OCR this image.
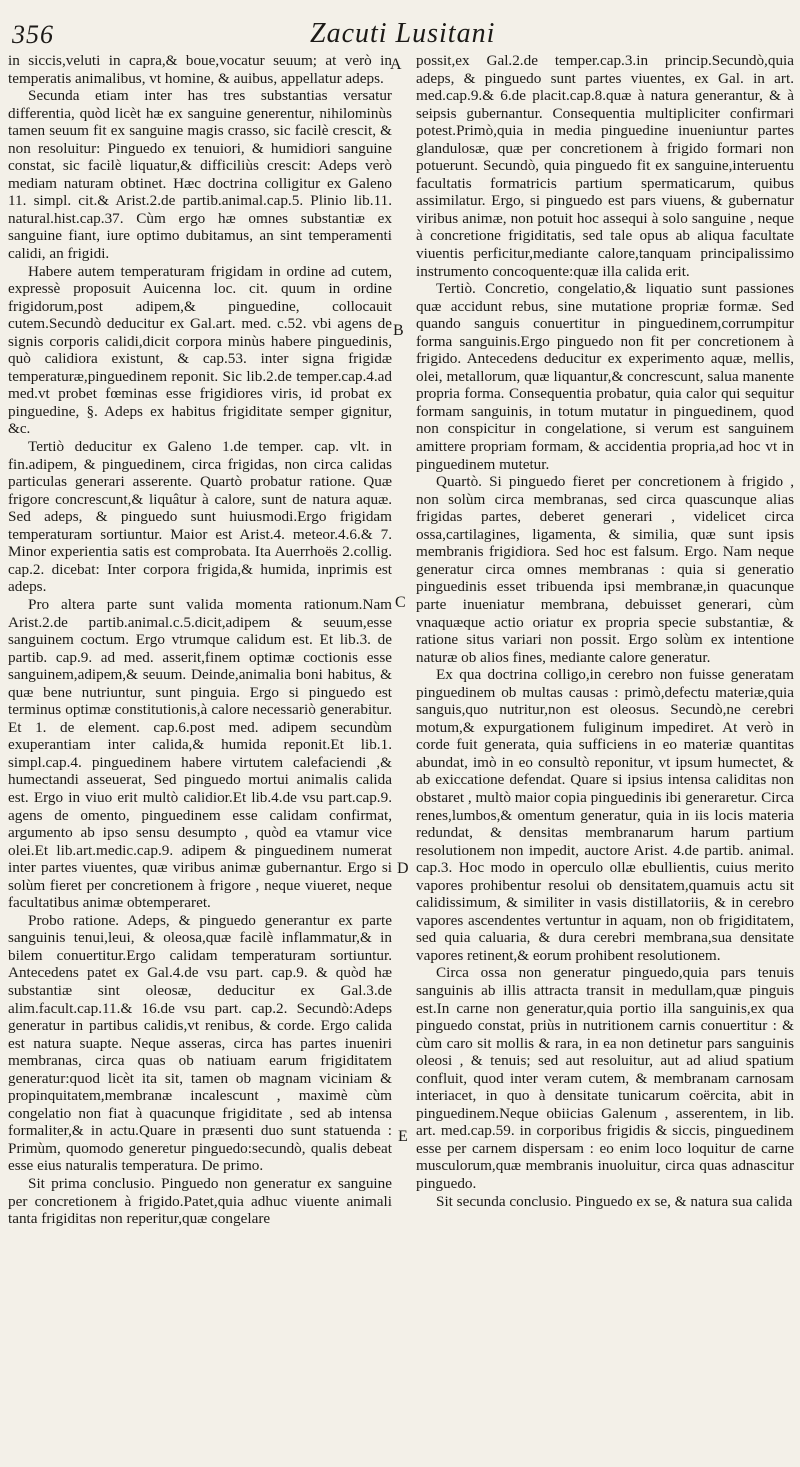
356	Zacuti Lusitani

in siccis,veluti in capra,& boue,vocatur seuum; at verò in temperatis animalibus, vt homine, & auibus, appellatur adeps.

Secunda etiam inter has tres substantias versatur differentia, quòd licèt hæ ex sanguine generentur, nihilominùs tamen seuum fit ex sanguine magis crasso, sic facilè crescit, & non resoluitur: Pinguedo ex tenuiori, & humidiori sanguine constat, sic facilè liquatur,& difficiliùs crescit: Adeps verò mediam naturam obtinet. Hæc doctrina colligitur ex Galeno 11. simpl. cit.& Arist.2.de partib.animal.cap.5. Plinio lib.11. natural.hist.cap.37. Cùm ergo hæ omnes substantiæ ex sanguine fiant, iure optimo dubitamus, an sint temperamenti calidi, an frigidi.

Habere autem temperaturam frigidam in ordine ad cutem, expressè proposuit Auicenna loc. cit. quum in ordine frigidorum,post adipem,& pinguedine, collocauit cutem.Secundò deducitur ex Gal.art. med. c.52. vbi agens de signis corporis calidi,dicit corpora minùs habere pinguedinis, quò calidiora existunt, & cap.53. inter signa frigidæ temperaturæ,pinguedinem reponit. Sic lib.2.de temper.cap.4.ad med.vt probet fœminas esse frigidiores viris, id probat ex pinguedine, §. Adeps ex habitus frigiditate semper gignitur, &c.

Tertiò deducitur ex Galeno 1.de temper. cap. vlt. in fin.adipem, & pinguedinem, circa frigidas, non circa calidas particulas generari asserente. Quartò probatur ratione. Quæ frigore concrescunt,& liquâtur à calore, sunt de natura aquæ. Sed adeps, & pinguedo sunt huiusmodi.Ergo frigidam temperaturam sortiuntur. Maior est Arist.4. meteor.4.6.& 7. Minor experientia satis est comprobata. Ita Auerrhoës 2.collig. cap.2. dicebat: Inter corpora frigida,& humida, inprimis est adeps.

Pro altera parte sunt valida momenta rationum.Nam Arist.2.de partib.animal.c.5.dicit,adipem & seuum,esse sanguinem coctum. Ergo vtrumque calidum est. Et lib.3. de partib. cap.9. ad med. asserit,finem optimæ coctionis esse sanguinem,adipem,& seuum. Deinde,animalia boni habitus, & quæ bene nutriuntur, sunt pinguia. Ergo si pinguedo est terminus optimæ constitutionis,à calore necessariò generabitur. Et 1. de element. cap.6.post med. adipem secundùm exuperantiam inter calida,& humida reponit.Et lib.1. simpl.cap.4. pinguedinem habere virtutem calefaciendi ,& humectandi asseuerat, Sed pinguedo mortui animalis calida est. Ergo in viuo erit multò calidior.Et lib.4.de vsu part.cap.9. agens de omento, pinguedinem esse calidam confirmat, argumento ab ipso sensu desumpto , quòd ea vtamur vice olei.Et lib.art.medic.cap.9. adipem & pinguedinem numerat inter partes viuentes, quæ viribus animæ gubernantur. Ergo si solùm fieret per concretionem à frigore , neque viueret, neque facultatibus animæ obtemperaret.

Probo ratione. Adeps, & pinguedo generantur ex parte sanguinis tenui,leui, & oleosa,quæ facilè inflammatur,& in bilem conuertitur.Ergo calidam temperaturam sortiuntur. Antecedens patet ex Gal.4.de vsu part. cap.9. & quòd hæ substantiæ sint oleosæ, deducitur ex Gal.3.de alim.facult.cap.11.& 16.de vsu part. cap.2. Secundò:Adeps generatur in partibus calidis,vt renibus, & corde. Ergo calida est natura suapte. Neque asseras, circa has partes inueniri membranas, circa quas ob natiuam earum frigiditatem generatur:quod licèt ita sit, tamen ob magnam viciniam & propinquitatem,membranæ incalescunt , maximè cùm congelatio non fiat à quacunque frigiditate , sed ab intensa formaliter,& in actu.Quare in præsenti duo sunt statuenda : Primùm, quomodo generetur pinguedo:secundò, qualis debeat esse eius naturalis temperatura. De primo.

Sit prima conclusio. Pinguedo non generatur ex sanguine per concretionem à frigido.Patet,quia adhuc viuente animali tanta frigiditas non reperitur,quæ congelare

A
B
C
D
E

possit,ex Gal.2.de temper.cap.3.in princip.Secundò,quia adeps, & pinguedo sunt partes viuentes, ex Gal. in art. med.cap.9.& 6.de placit.cap.8.quæ à natura generantur, & à seipsis gubernantur. Consequentia multipliciter confirmari potest.Primò,quia in media pinguedine inueniuntur partes glandulosæ, quæ per concretionem à frigido formari non potuerunt. Secundò, quia pinguedo fit ex sanguine,interuentu facultatis formatricis partium spermaticarum, quibus assimilatur. Ergo, si pinguedo est pars viuens, & gubernatur viribus animæ, non potuit hoc assequi à solo sanguine , neque à concretione frigiditatis, sed tale opus ab aliqua facultate viuentis perficitur,mediante calore,tanquam principalissimo instrumento concoquente:quæ illa calida erit.

Tertiò. Concretio, congelatio,& liquatio sunt passiones quæ accidunt rebus, sine mutatione propriæ formæ. Sed quando sanguis conuertitur in pinguedinem,corrumpitur forma sanguinis.Ergo pinguedo non fit per concretionem à frigido. Antecedens deducitur ex experimento aquæ, mellis, olei, metallorum, quæ liquantur,& concrescunt, salua manente propria forma. Consequentia probatur, quia calor qui sequitur formam sanguinis, in totum mutatur in pinguedinem, quod non conspicitur in congelatione, si verum est sanguinem amittere propriam formam, & accidentia propria,ad hoc vt in pinguedinem mutetur.

Quartò. Si pinguedo fieret per concretionem à frigido , non solùm circa membranas, sed circa quascunque alias frigidas partes, deberet generari , videlicet circa ossa,cartilagines, ligamenta, & similia, quæ sunt ipsis membranis frigidiora. Sed hoc est falsum. Ergo. Nam neque generatur circa omnes membranas : quia si generatio pinguedinis esset tribuenda ipsi membranæ,in quacunque parte inueniatur membrana, debuisset generari, cùm vnaquæque actio oriatur ex propria specie substantiæ, & ratione situs variari non possit. Ergo solùm ex intentione naturæ ob alios fines, mediante calore generatur.

Ex qua doctrina colligo,in cerebro non fuisse generatam pinguedinem ob multas causas : primò,defectu materiæ,quia sanguis,quo nutritur,non est oleosus. Secundò,ne cerebri motum,& expurgationem fuliginum impediret. At verò in corde fuit generata, quia sufficiens in eo materiæ quantitas abundat, imò in eo consultò reponitur, vt ipsum humectet, & ab exiccatione defendat. Quare si ipsius intensa caliditas non obstaret , multò maior copia pinguedinis ibi generaretur. Circa renes,lumbos,& omentum generatur, quia in iis locis materia redundat, & densitas membranarum harum partium resolutionem non impedit, auctore Arist. 4.de partib. animal. cap.3. Hoc modo in operculo ollæ ebullientis, cuius merito vapores prohibentur resolui ob densitatem,quamuis actu sit calidissimum, & similiter in vasis distillatoriis, & in cerebro vapores ascendentes vertuntur in aquam, non ob frigiditatem, sed quia caluaria, & dura cerebri membrana,sua densitate vapores retinent,& eorum prohibent resolutionem.

Circa ossa non generatur pinguedo,quia pars tenuis sanguinis ab illis attracta transit in medullam,quæ pinguis est.In carne non generatur,quia portio illa sanguinis,ex qua pinguedo constat, priùs in nutritionem carnis conuertitur : & cùm caro sit mollis & rara, in ea non detinetur pars sanguinis oleosi , & tenuis; sed aut resoluitur, aut ad aliud spatium confluit, quod inter veram cutem, & membranam carnosam interiacet, in quo à densitate tunicarum coërcita, abit in pinguedinem.Neque obiicias Galenum , asserentem, in lib. art. med.cap.59. in corporibus frigidis & siccis, pinguedinem esse per carnem dispersam : eo enim loco loquitur de carne musculorum,quæ membranis inuoluitur, circa quas adnascitur pinguedo.

Sit secunda conclusio. Pinguedo ex se, & natura sua calida
